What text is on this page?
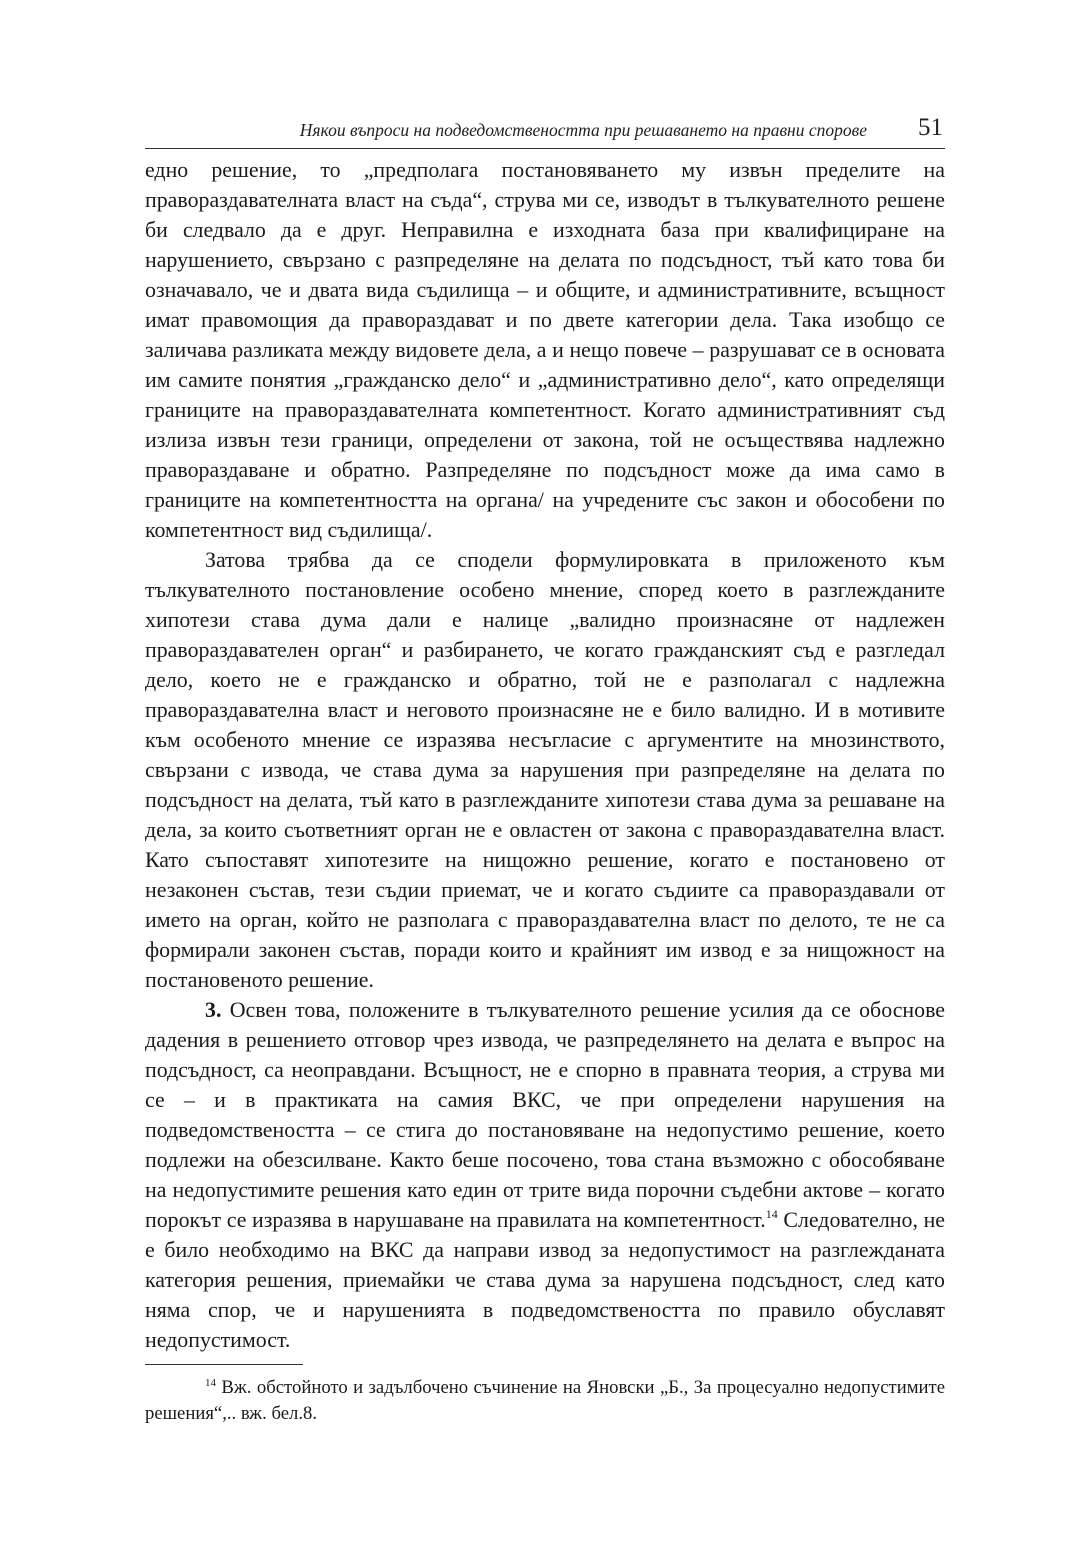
Някои въпроси на подведомствеността при решаването на правни спорове 51

едно решение, то „предполага постановяването му извън пределите на правораздавателната власт на съда“, струва ми се, изводът в тълкувателното решене би следвало да е друг. Неправилна е изходната база при квалифициране на нарушението, свързано с разпределяне на делата по подсъдност, тъй като това би означавало, че и двата вида съдилища – и общите, и административните, всъщност имат правомощия да правораздават и по двете категории дела. Така изобщо се заличава разликата между видовете дела, а и нещо повече – разрушават се в основата им самите понятия „гражданско дело“ и „административно дело“, като определящи границите на правораздавателната компетентност. Когато административният съд излиза извън тези граници, определени от закона, той не осъществява надлежно правораздаване и обратно. Разпределяне по подсъдност може да има само в границите на компетентността на органа/ на учредените със закон и обособени по компетентност вид съдилища/.

Затова трябва да се сподели формулировката в приложеното към тълкувателното постановление особено мнение, според което в разглежданите хипотези става дума дали е налице „валидно произнасяне от надлежен правораздавателен орган“ и разбирането, че когато гражданският съд е разгледал дело, което не е гражданско и обратно, той не е разполагал с надлежна правораздавателна власт и неговото произнасяне не е било валидно. И в мотивите към особеното мнение се изразява несъгласие с аргументите на мнозинството, свързани с извода, че става дума за нарушения при разпределяне на делата по подсъдност на делата, тъй като в разглежданите хипотези става дума за решаване на дела, за които съответният орган не е овластен от закона с правораздавателна власт. Като съпоставят хипотезите на нищожно решение, когато е постановено от незаконен състав, тези съдии приемат, че и когато съдиите са правораздавали от името на орган, който не разполага с правораздавателна власт по делото, те не са формирали законен състав, поради които и крайният им извод е за нищожност на постановеното решение.

3. Освен това, положените в тълкувателното решение усилия да се обоснове дадения в решението отговор чрез извода, че разпределянето на делата е въпрос на подсъдност, са неоправдани. Всъщност, не е спорно в правната теория, а струва ми се – и в практиката на самия ВКС, че при определени нарушения на подведомствеността – се стига до постановяване на недопустимо решение, което подлежи на обезсилване. Както беше посочено, това стана възможно с обособяване на недопустимите решения като един от трите вида порочни съдебни актове – когато порокът се изразява в нарушаване на правилата на компетентност.$^{14}$ Следователно, не е било необходимо на ВКС да направи извод за недопустимост на разглежданата категория решения, приемайки че става дума за нарушена подсъдност, след като няма спор, че и нарушенията в подведомствеността по правило обуславят недопустимост.

$^{14}$ Вж. обстойното и задълбочено съчинение на Яновски „Б., За процесуално недопустимите решения“,.. вж. бел.8.
